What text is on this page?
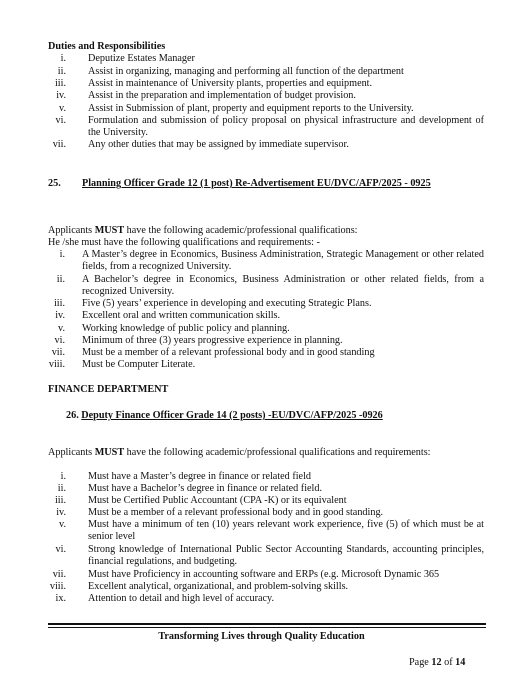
Duties and Responsibilities
i. Deputize Estates Manager
ii. Assist in organizing, managing and performing all function of the department
iii. Assist in maintenance of University plants, properties and equipment.
iv. Assist in the preparation and implementation of budget provision.
v. Assist in Submission of plant, property and equipment reports to the University.
vi. Formulation and submission of policy proposal on physical infrastructure and development of the University.
vii. Any other duties that may be assigned by immediate supervisor.
25. Planning Officer Grade 12 (1 post) Re-Advertisement EU/DVC/AFP/2025 - 0925
Applicants MUST have the following academic/professional qualifications:
He /she must have the following qualifications and requirements: -
i. A Master’s degree in Economics, Business Administration, Strategic Management or other related fields, from a recognized University.
ii. A Bachelor’s degree in Economics, Business Administration or other related fields, from a recognized University.
iii. Five (5) years’ experience in developing and executing Strategic Plans.
iv. Excellent oral and written communication skills.
v. Working knowledge of public policy and planning.
vi. Minimum of three (3) years progressive experience in planning.
vii. Must be a member of a relevant professional body and in good standing
viii. Must be Computer Literate.
FINANCE DEPARTMENT
26. Deputy Finance Officer Grade 14 (2 posts) -EU/DVC/AFP/2025 -0926
Applicants MUST have the following academic/professional qualifications and requirements:
i. Must have a Master’s degree in finance or related field
ii. Must have a Bachelor’s degree in finance or related field.
iii. Must be Certified Public Accountant (CPA -K) or its equivalent
iv. Must be a member of a relevant professional body and in good standing.
v. Must have a minimum of ten (10) years relevant work experience, five (5) of which must be at senior level
vi. Strong knowledge of International Public Sector Accounting Standards, accounting principles, financial regulations, and budgeting.
vii. Must have Proficiency in accounting software and ERPs (e.g. Microsoft Dynamic 365
viii. Excellent analytical, organizational, and problem-solving skills.
ix. Attention to detail and high level of accuracy.
Transforming Lives through Quality Education
Page 12 of 14
